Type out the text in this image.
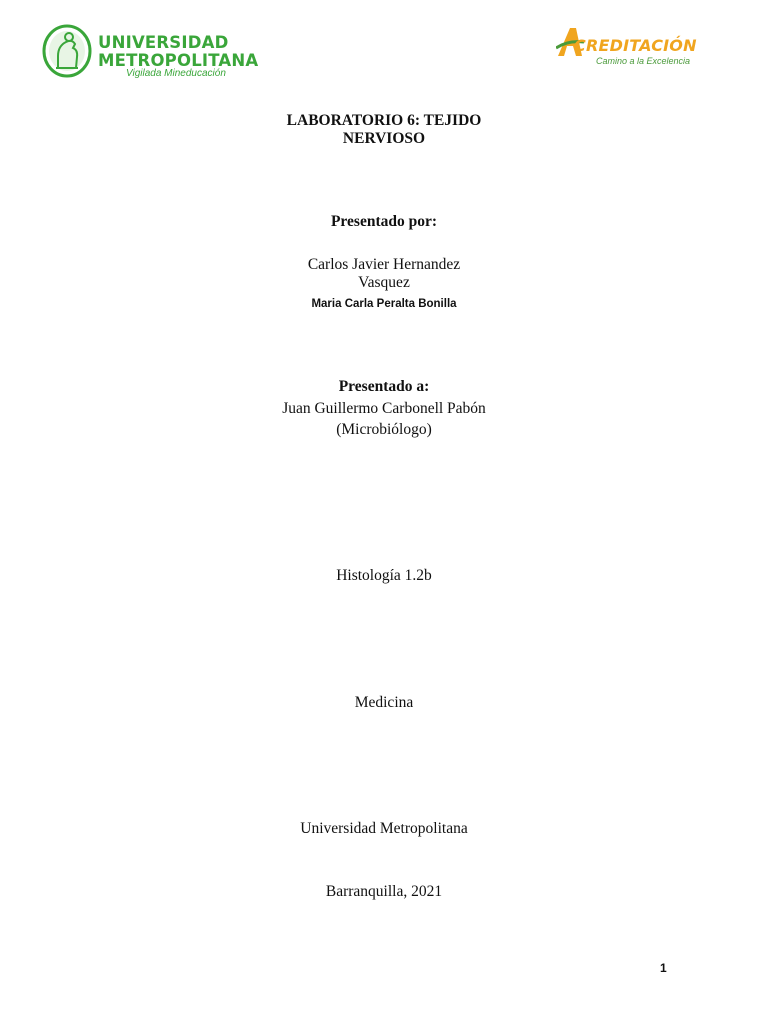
UNIVERSIDAD
METROPOLITANA
Vigilada Mineducación
CREDITACIÓN
Camino a la Excelencia
LABORATORIO 6: TEJIDO
NERVIOSO
Presentado por:
Carlos Javier Hernandez
Vasquez
Maria Carla Peralta Bonilla
Presentado a:
Juan Guillermo Carbonell Pabón
(Microbiólogo)
Histología 1.2b
Medicina
Universidad Metropolitana
Barranquilla, 2021
1
